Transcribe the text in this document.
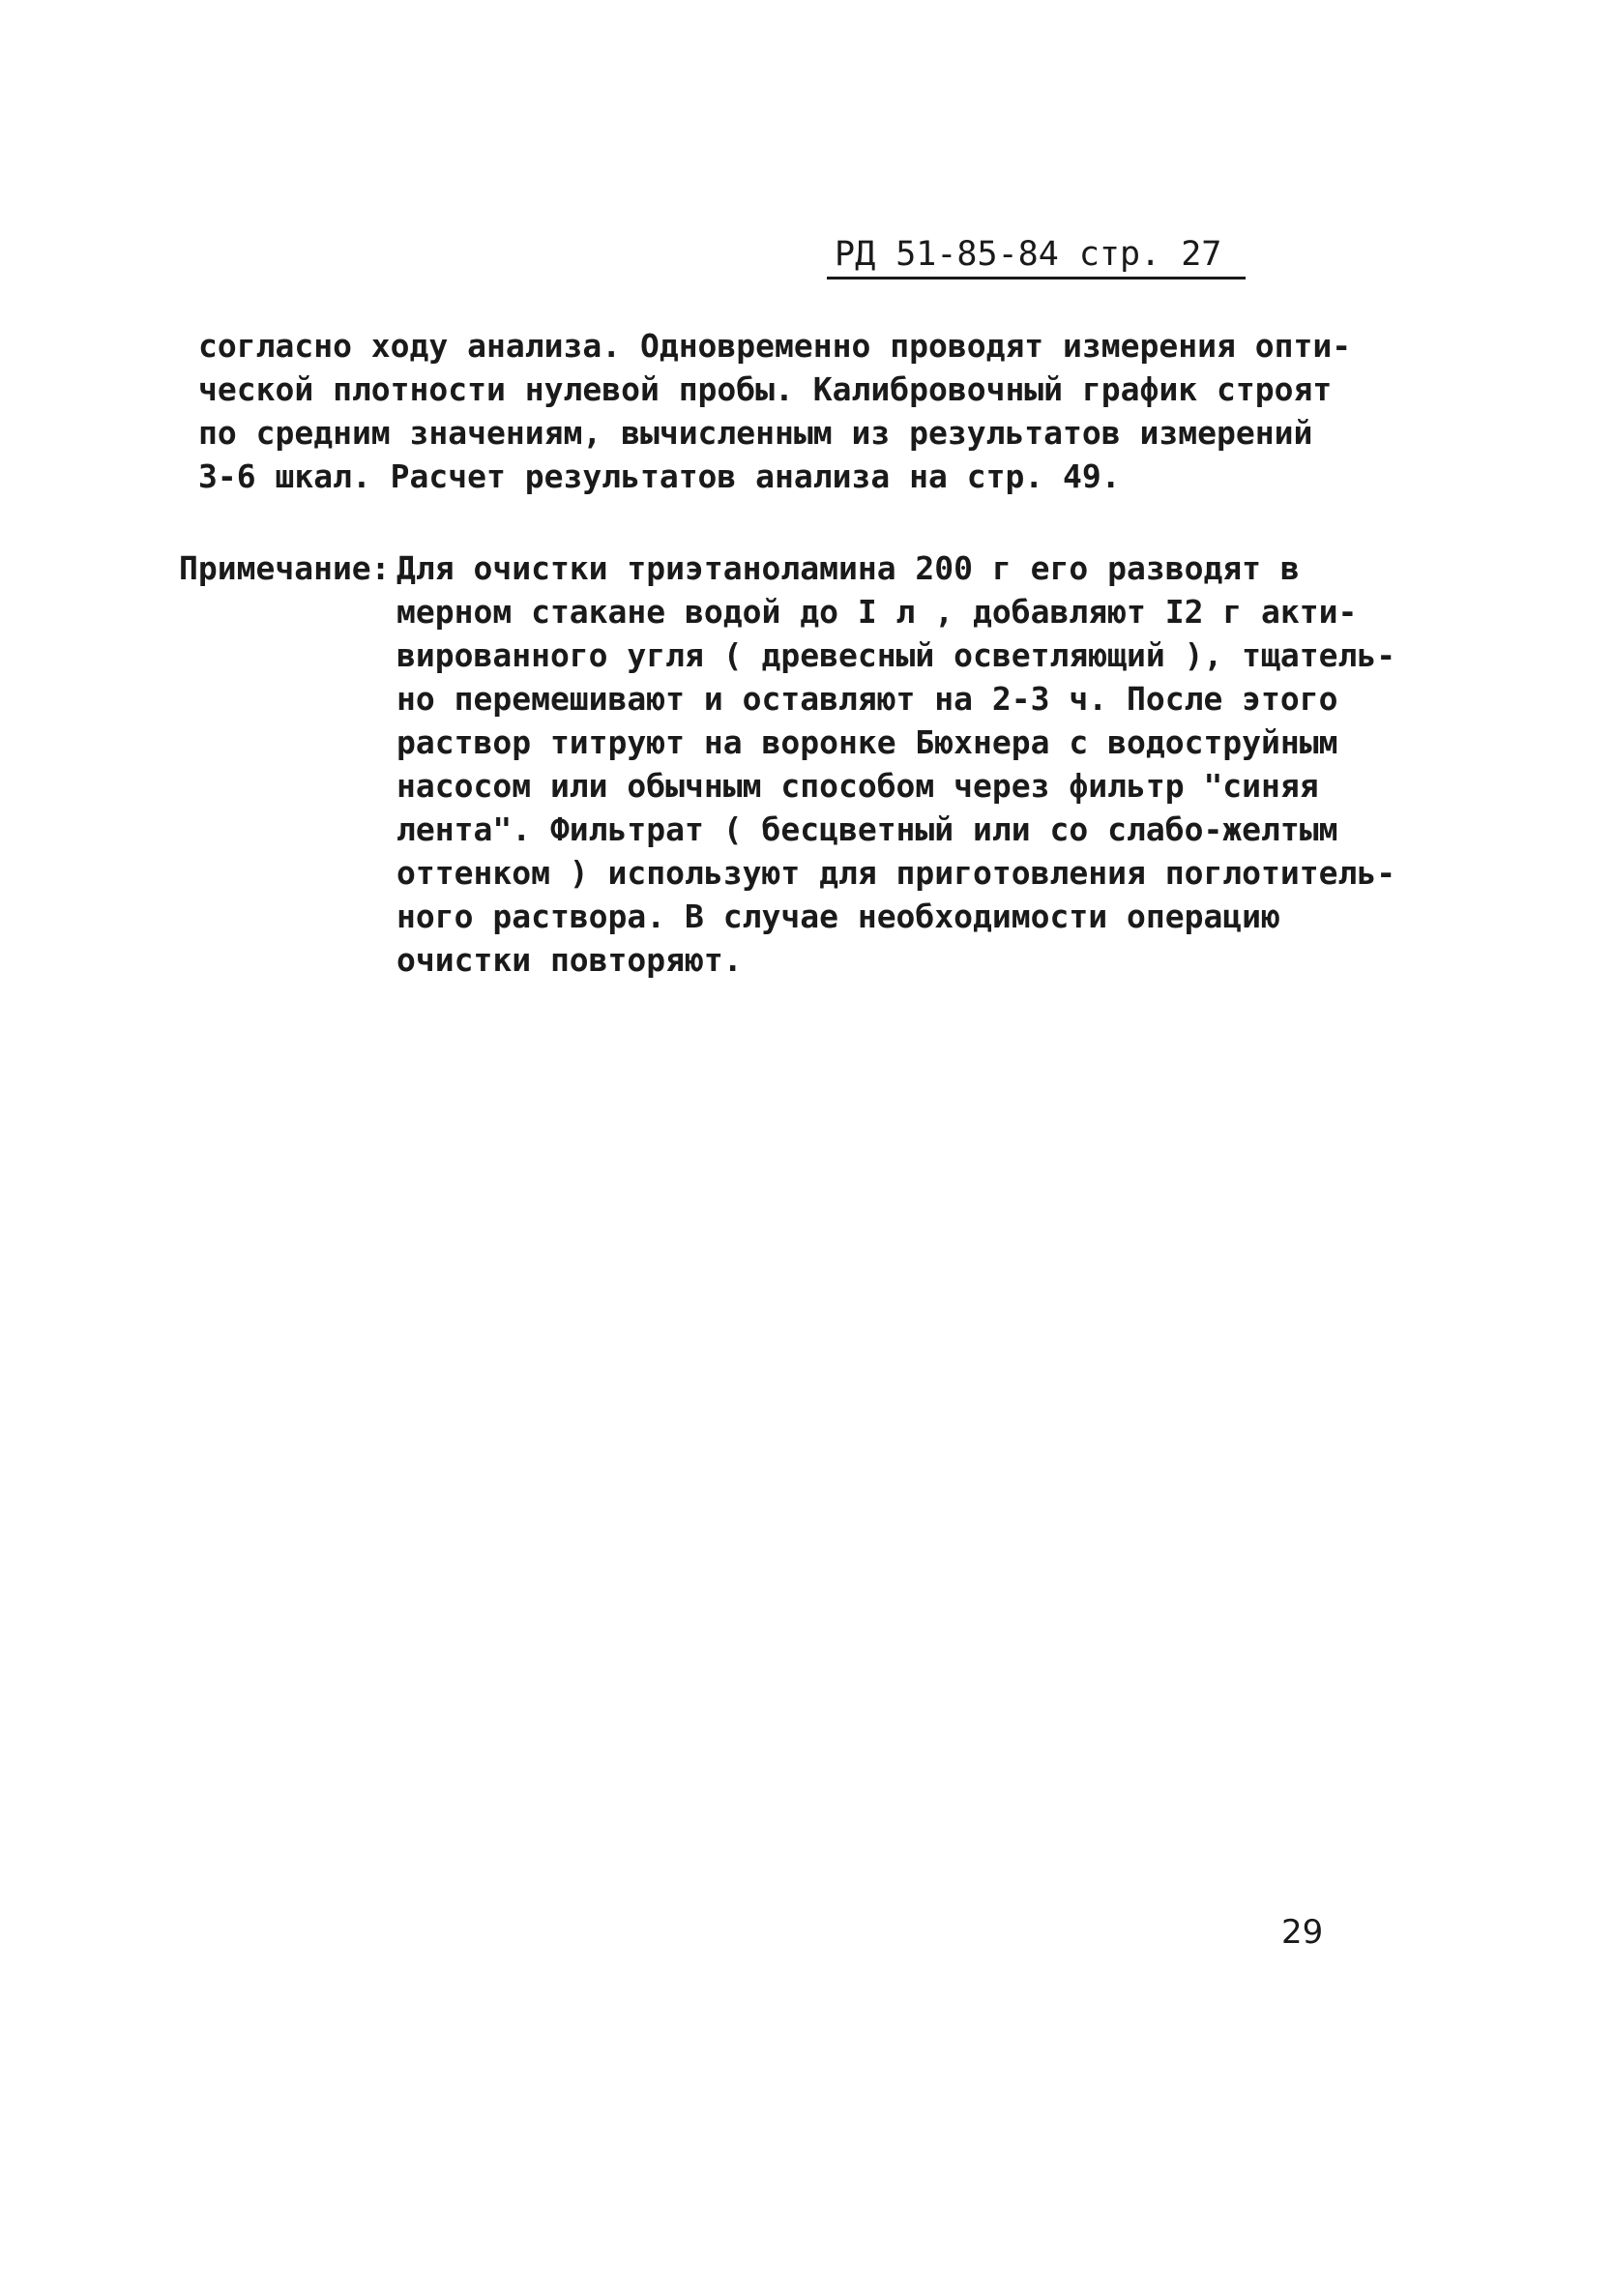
РД 51-85-84 стр. 27
согласно ходу анализа. Одновременно проводят измерения опти-
ческой плотности нулевой пробы. Калибровочный график строят
по средним значениям, вычисленным из результатов измерений
3-6 шкал. Расчет результатов анализа на стр. 49.
Примечание: Для очистки триэтаноламина 200 г его разводят в
мерном стакане водой до I л , добавляют I2 г акти-
вированного угля ( древесный осветляющий ), тщатель-
но перемешивают и оставляют на 2-3 ч. После этого
раствор титруют на воронке Бюхнера с водоструйным
насосом или обычным способом через фильтр "синяя
лента". Фильтрат ( бесцветный или со слабо-желтым
оттенком ) используют для приготовления поглотитель-
ного раствора. В случае необходимости операцию
очистки повторяют.
29
